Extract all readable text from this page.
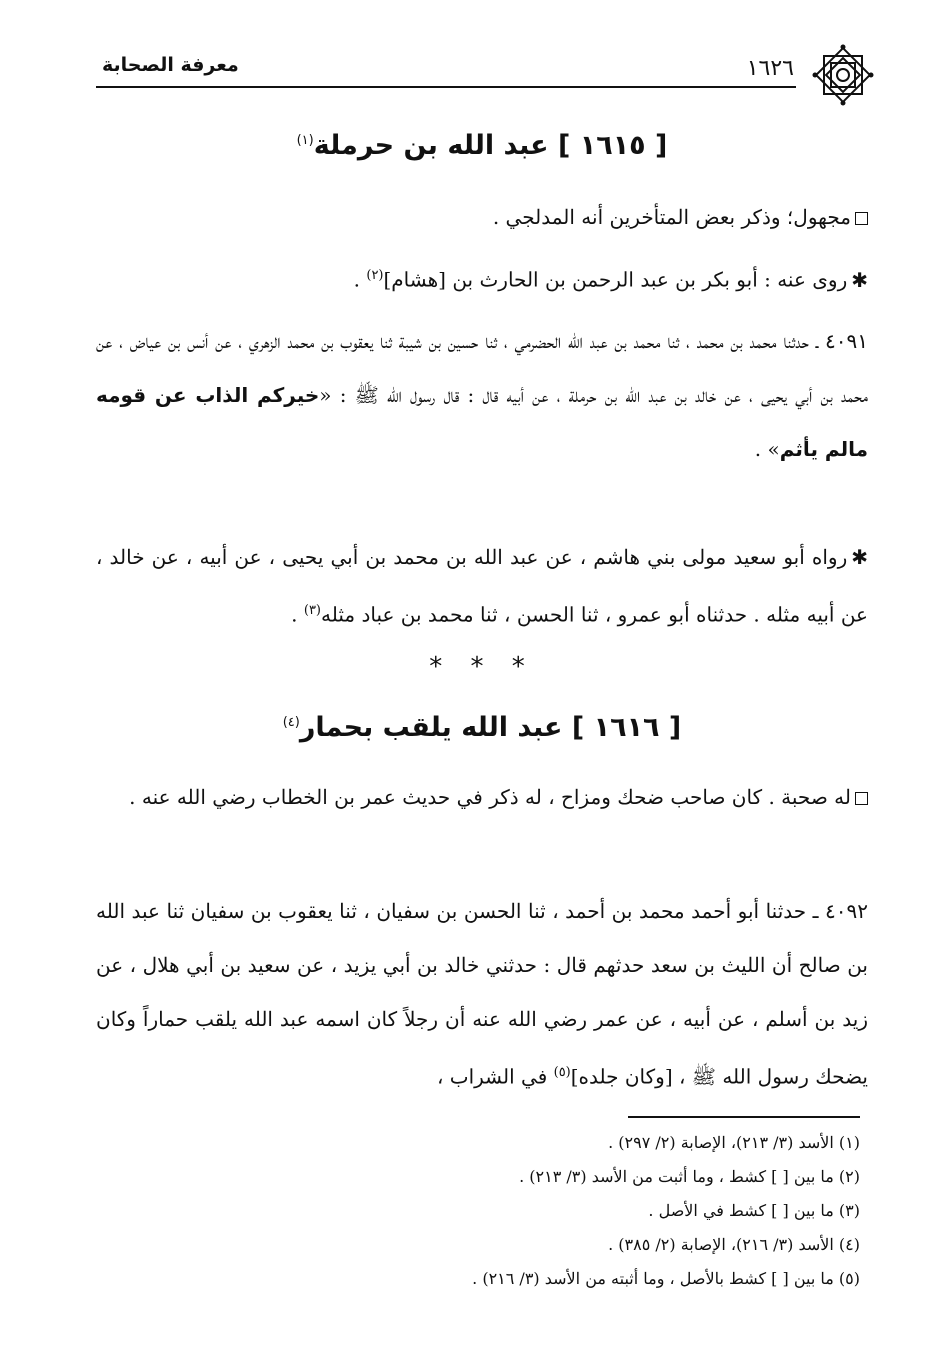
١٦٢٦
معرفة الصحابة
[ ١٦١٥ ] عبد الله بن حرملة$^{(١)}$
مجهول؛ وذكر بعض المتأخرين أنه المدلجي .
✱روى عنه : أبو بكر بن عبد الرحمن بن الحارث بن [هشام]$^{(٢)}$ .
٤٠٩١ ـ حدثنا محمد بن محمد ، ثنا محمد بن عبد الله الحضرمي ، ثنا حسين بن شيبة ثنا يعقوب بن محمد الزهري ، عن أنس بن عياض ، عن محمد بن أبي يحيى ، عن خالد بن عبد الله بن حرملة ، عن أبيه قال : قال رسول الله ﷺ : «خيركم الذاب عن قومه مالم يأثم» .
✱رواه أبو سعيد مولى بني هاشم ، عن عبد الله بن محمد بن أبي يحيى ، عن أبيه ، عن خالد ، عن أبيه مثله . حدثناه أبو عمرو ، ثنا الحسن ، ثنا محمد بن عباد مثله$^{(٣)}$ .
* * *
[ ١٦١٦ ] عبد الله يلقب بحمار$^{(٤)}$
له صحبة . كان صاحب ضحك ومزاح ، له ذكر في حديث عمر بن الخطاب رضي الله عنه .
٤٠٩٢ ـ حدثنا أبو أحمد محمد بن أحمد ، ثنا الحسن بن سفيان ، ثنا يعقوب بن سفيان ثنا عبد الله بن صالح أن الليث بن سعد حدثهم قال : حدثني خالد بن أبي يزيد ، عن سعيد بن أبي هلال ، عن زيد بن أسلم ، عن أبيه ، عن عمر رضي الله عنه أن رجلاً كان اسمه عبد الله يلقب حماراً وكان يضحك رسول الله ﷺ ، [وكان جلده]$^{(٥)}$ في الشراب ،
(١) الأسد (٣/ ٢١٣)، الإصابة (٢/ ٢٩٧) .
(٢) ما بين [ ] كشط ، وما أثبت من الأسد (٣/ ٢١٣) .
(٣) ما بين [ ] كشط في الأصل .
(٤) الأسد (٣/ ٢١٦)، الإصابة (٢/ ٣٨٥) .
(٥) ما بين [ ] كشط بالأصل ، وما أثبته من الأسد (٣/ ٢١٦) .
